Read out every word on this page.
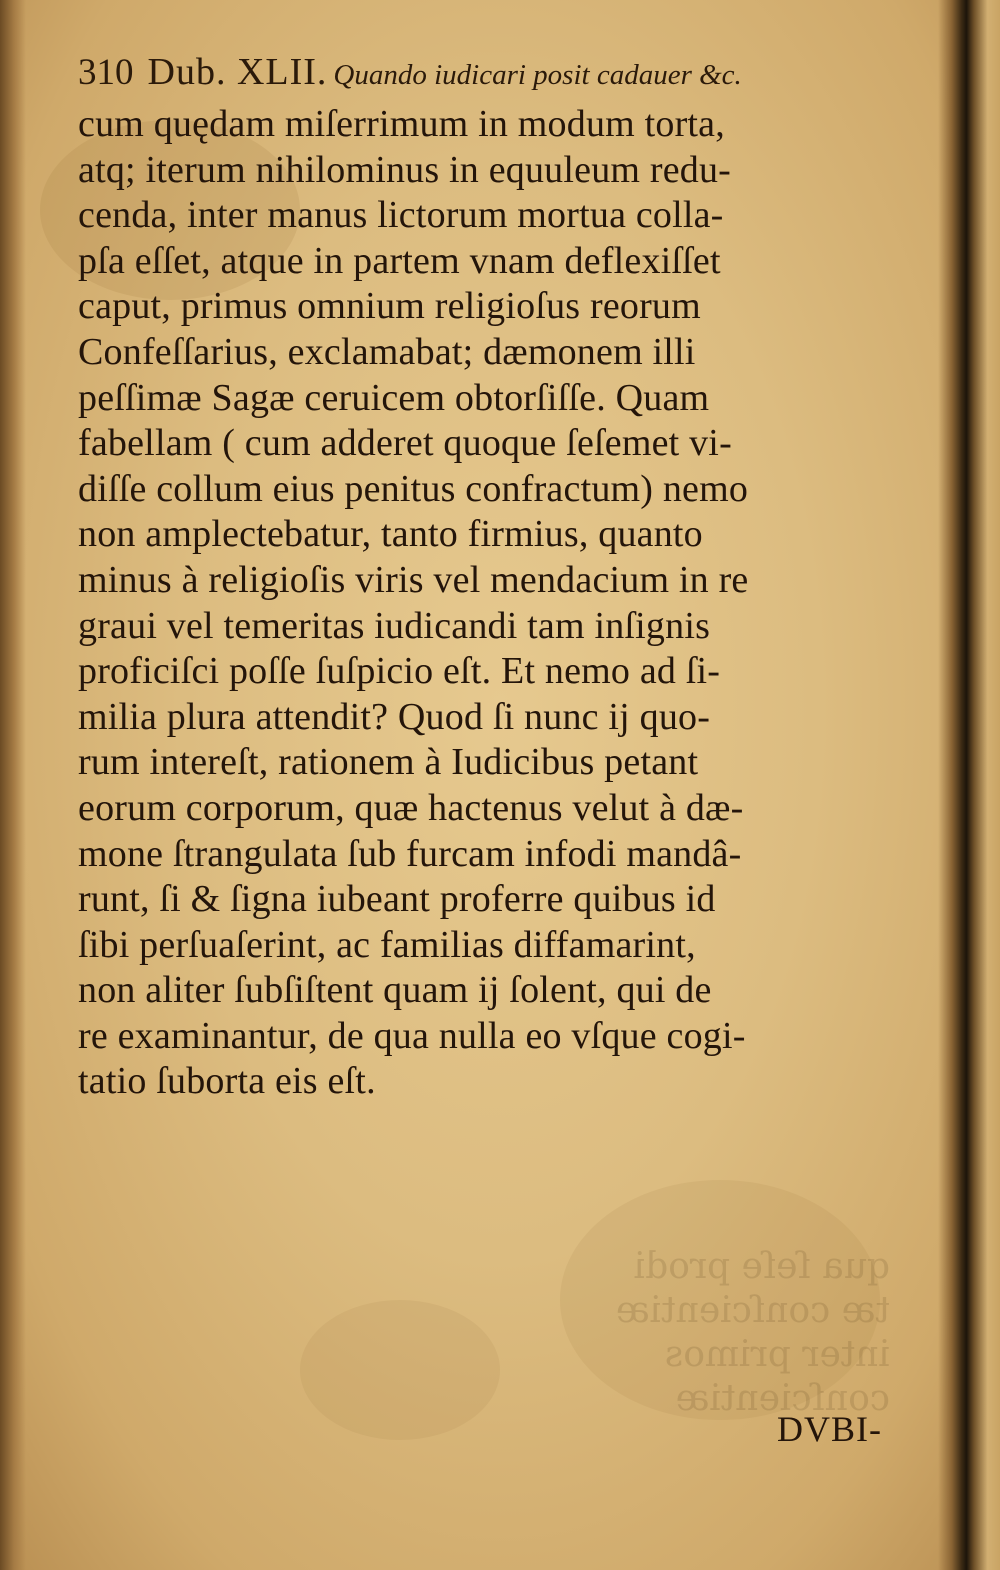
qua ſeſe prodi
tæ conſcientiæ
inter primos
conſcientiæ
310 Dub. XLII. Quando iudicari posit cadauer &c.
cum quędam miſerrimum in modum torta,
atq; iterum nihilominus in equuleum redu-
cenda, inter manus lictorum mortua colla-
pſa eſſet, atque in partem vnam deflexiſſet
caput, primus omnium religioſus reorum
Confeſſarius, exclamabat; dæmonem illi
peſſimæ Sagæ ceruicem obtorſiſſe. Quam
fabellam ( cum adderet quoque ſeſemet vi-
diſſe collum eius penitus confractum) nemo
non amplectebatur, tanto firmius, quanto
minus à religioſis viris vel mendacium in re
graui vel temeritas iudicandi tam inſignis
proficiſci poſſe ſuſpicio eſt. Et nemo ad ſi-
milia plura attendit? Quod ſi nunc ij quo-
rum intereſt, rationem à Iudicibus petant
eorum corporum, quæ hactenus velut à dæ-
mone ſtrangulata ſub furcam infodi mandâ-
runt, ſi & ſigna iubeant proferre quibus id
ſibi perſuaſerint, ac familias diffamarint,
non aliter ſubſiſtent quam ij ſolent, qui de
re examinantur, de qua nulla eo vſque cogi-
tatio ſuborta eis eſt.
DVBI-
